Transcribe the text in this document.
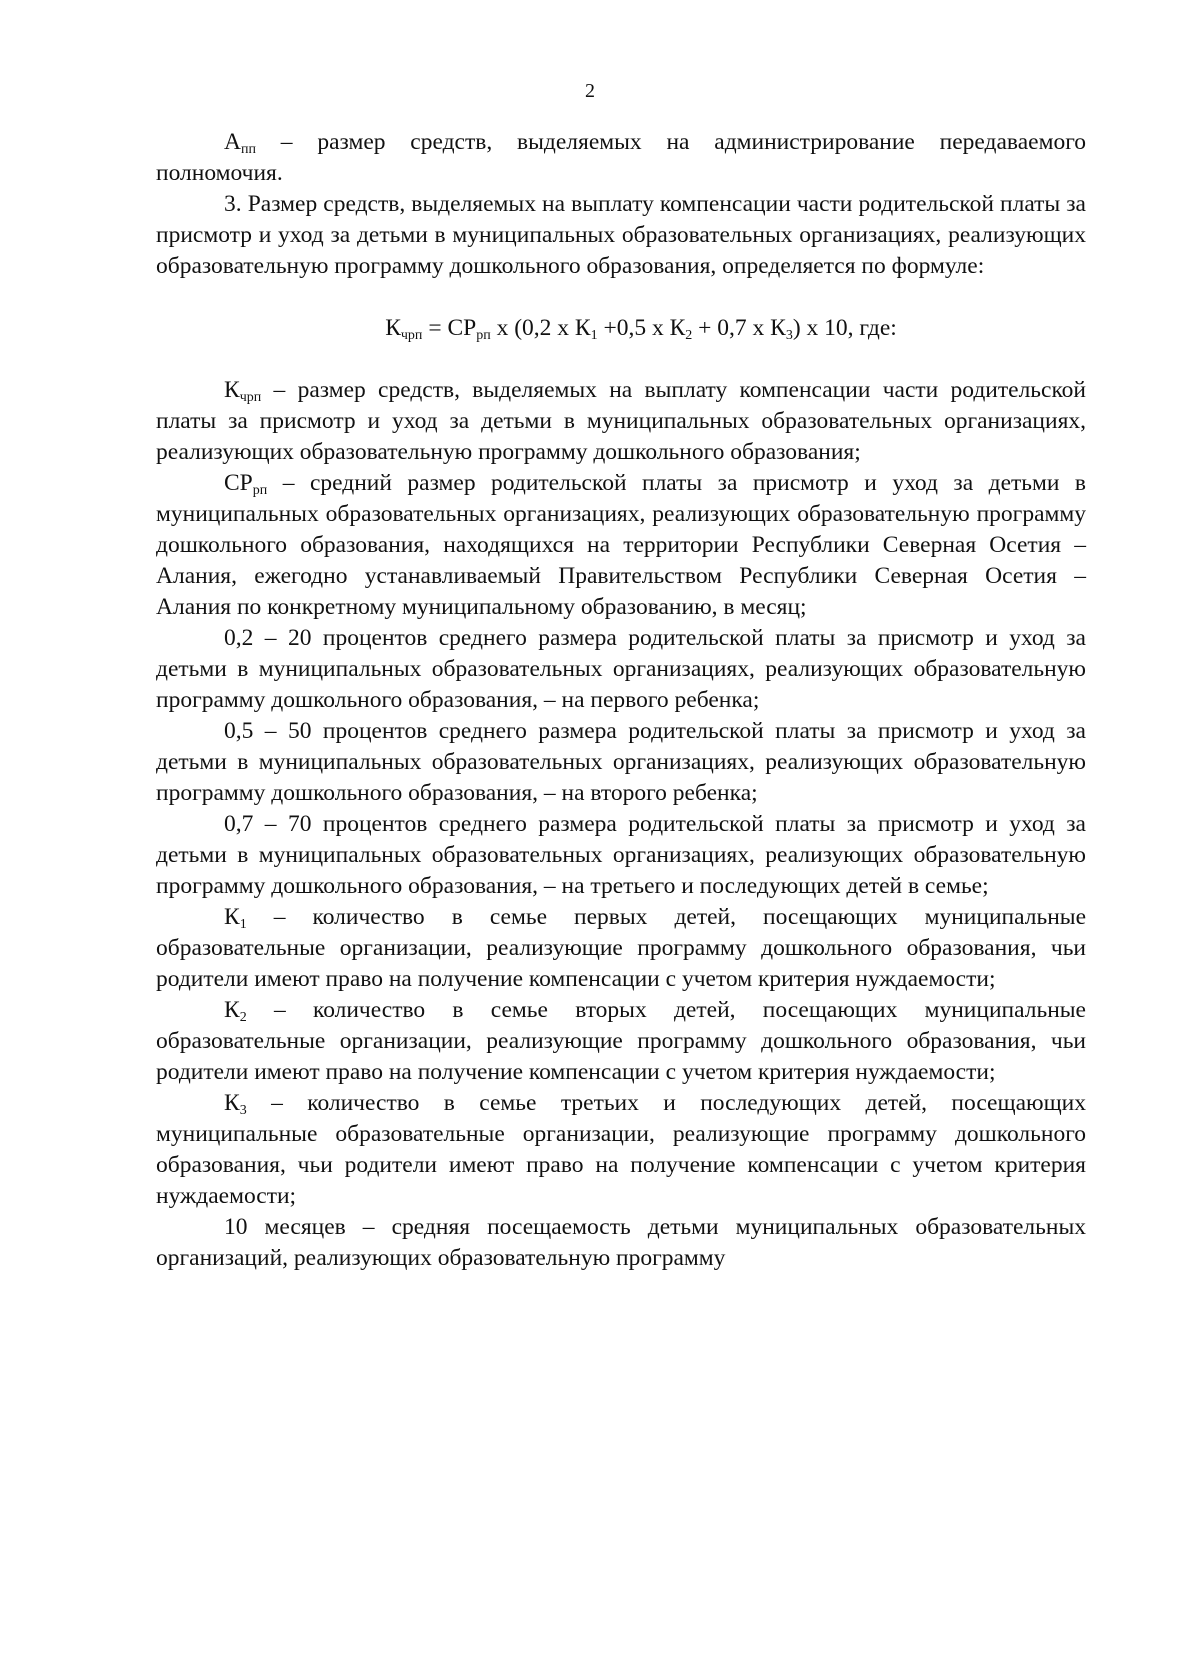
2

$А_{пп}$ – размер средств, выделяемых на администрирование передаваемого полномочия.

3. Размер средств, выделяемых на выплату компенсации части родительской платы за присмотр и уход за детьми в муниципальных образовательных организациях, реализующих образовательную программу дошкольного образования, определяется по формуле:

$К_{чрп} = СР_{рп}$ x (0,2 x $К_1 +0,5$ x $К_2 + 0,7$ x $К_3$) x 10, где:

$К_{чрп}$ – размер средств, выделяемых на выплату компенсации части родительской платы за присмотр и уход за детьми в муниципальных образовательных организациях, реализующих образовательную программу дошкольного образования;

$СР_{рп}$ – средний размер родительской платы за присмотр и уход за детьми в муниципальных образовательных организациях, реализующих образовательную программу дошкольного образования, находящихся на территории Республики Северная Осетия – Алания, ежегодно устанавливаемый Правительством Республики Северная Осетия – Алания по конкретному муниципальному образованию, в месяц;

0,2 – 20 процентов среднего размера родительской платы за присмотр и уход за детьми в муниципальных образовательных организациях, реализующих образовательную программу дошкольного образования, – на первого ребенка;

0,5 – 50 процентов среднего размера родительской платы за присмотр и уход за детьми в муниципальных образовательных организациях, реализующих образовательную программу дошкольного образования, – на второго ребенка;

0,7 – 70 процентов среднего размера родительской платы за присмотр и уход за детьми в муниципальных образовательных организациях, реализующих образовательную программу дошкольного образования, – на третьего и последующих детей в семье;

$К_1$ – количество в семье первых детей, посещающих муниципальные образовательные организации, реализующие программу дошкольного образования, чьи родители имеют право на получение компенсации с учетом критерия нуждаемости;

$К_2$ – количество в семье вторых детей, посещающих муниципальные образовательные организации, реализующие программу дошкольного образования, чьи родители имеют право на получение компенсации с учетом критерия нуждаемости;

$К_3$ – количество в семье третьих и последующих детей, посещающих муниципальные образовательные организации, реализующие программу дошкольного образования, чьи родители имеют право на получение компенсации с учетом критерия нуждаемости;

10 месяцев – средняя посещаемость детьми муниципальных образовательных организаций, реализующих образовательную программу
